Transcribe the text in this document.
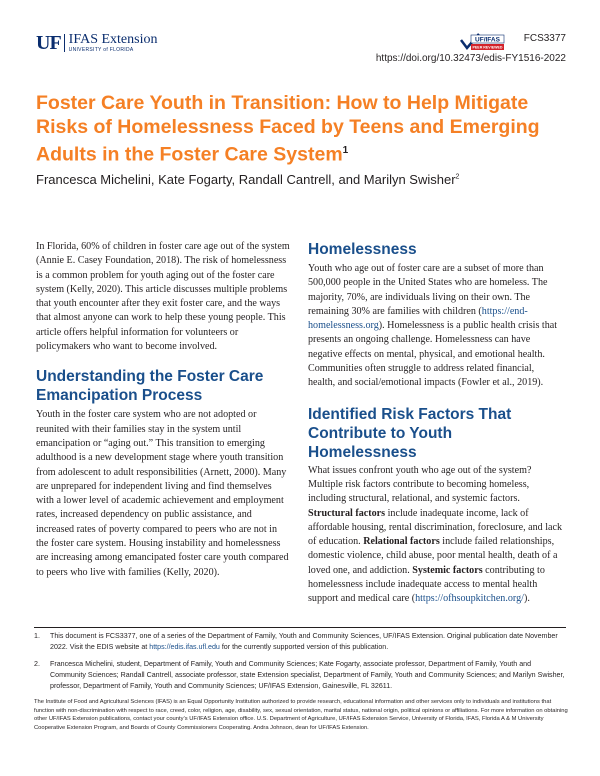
UF IFAS Extension
UNIVERSITY of FLORIDA
UF/IFAS
PEER REVIEWED
FCS3377
https://doi.org/10.32473/edis-FY1516-2022
Foster Care Youth in Transition: How to Help Mitigate Risks of Homelessness Faced by Teens and Emerging Adults in the Foster Care System$^1$

Francesca Michelini, Kate Fogarty, Randall Cantrell, and Marilyn Swisher$^2$

In Florida, 60% of children in foster care age out of the system (Annie E. Casey Foundation, 2018). The risk of homelessness is a common problem for youth aging out of the foster care system (Kelly, 2020). This article discusses multiple problems that youth encounter after they exit foster care, and the ways that almost anyone can work to help these young people. This article offers helpful information for volunteers or policymakers who want to become involved.

Understanding the Foster Care Emancipation Process

Youth in the foster care system who are not adopted or reunited with their families stay in the system until emancipation or “aging out.” This transition to emerging adulthood is a new development stage where youth transition from adolescent to adult responsibilities (Arnett, 2000). Many are unprepared for independent living and find themselves with a lower level of academic achievement and employment rates, increased dependency on public assistance, and increased rates of poverty compared to peers who are not in the foster care system. Housing instability and homelessness are increasing among emancipated foster care youth compared to peers who live with families (Kelly, 2020).

Homelessness

Youth who age out of foster care are a subset of more than 500,000 people in the United States who are homeless. The majority, 70%, are individuals living on their own. The remaining 30% are families with children (https://end-homelessness.org). Homelessness is a public health crisis that presents an ongoing challenge. Homelessness can have negative effects on mental, physical, and emotional health. Communities often struggle to address related financial, health, and social/emotional impacts (Fowler et al., 2019).

Identified Risk Factors That Contribute to Youth Homelessness

What issues confront youth who age out of the system? Multiple risk factors contribute to becoming homeless, including structural, relational, and systemic factors. Structural factors include inadequate income, lack of affordable housing, rental discrimination, foreclosure, and lack of education. Relational factors include failed relationships, domestic violence, child abuse, poor mental health, death of a loved one, and addiction. Systemic factors contributing to homelessness include inadequate access to mental health support and medical care (https://ofhsoupkitchen.org/).

1.	This document is FCS3377, one of a series of the Department of Family, Youth and Community Sciences, UF/IFAS Extension. Original publication date November 2022. Visit the EDIS website at https://edis.ifas.ufl.edu for the currently supported version of this publication.
2.	Francesca Michelini, student, Department of Family, Youth and Community Sciences; Kate Fogarty, associate professor, Department of Family, Youth and Community Sciences; Randall Cantrell, associate professor, state Extension specialist, Department of Family, Youth and Community Sciences; and Marilyn Swisher, professor, Department of Family, Youth and Community Sciences; UF/IFAS Extension, Gainesville, FL 32611.

The Institute of Food and Agricultural Sciences (IFAS) is an Equal Opportunity Institution authorized to provide research, educational information and other services only to individuals and institutions that function with non-discrimination with respect to race, creed, color, religion, age, disability, sex, sexual orientation, marital status, national origin, political opinions or affiliations. For more information on obtaining other UF/IFAS Extension publications, contact your county’s UF/IFAS Extension office. U.S. Department of Agriculture, UF/IFAS Extension Service, University of Florida, IFAS, Florida A & M University Cooperative Extension Program, and Boards of County Commissioners Cooperating. Andra Johnson, dean for UF/IFAS Extension.
